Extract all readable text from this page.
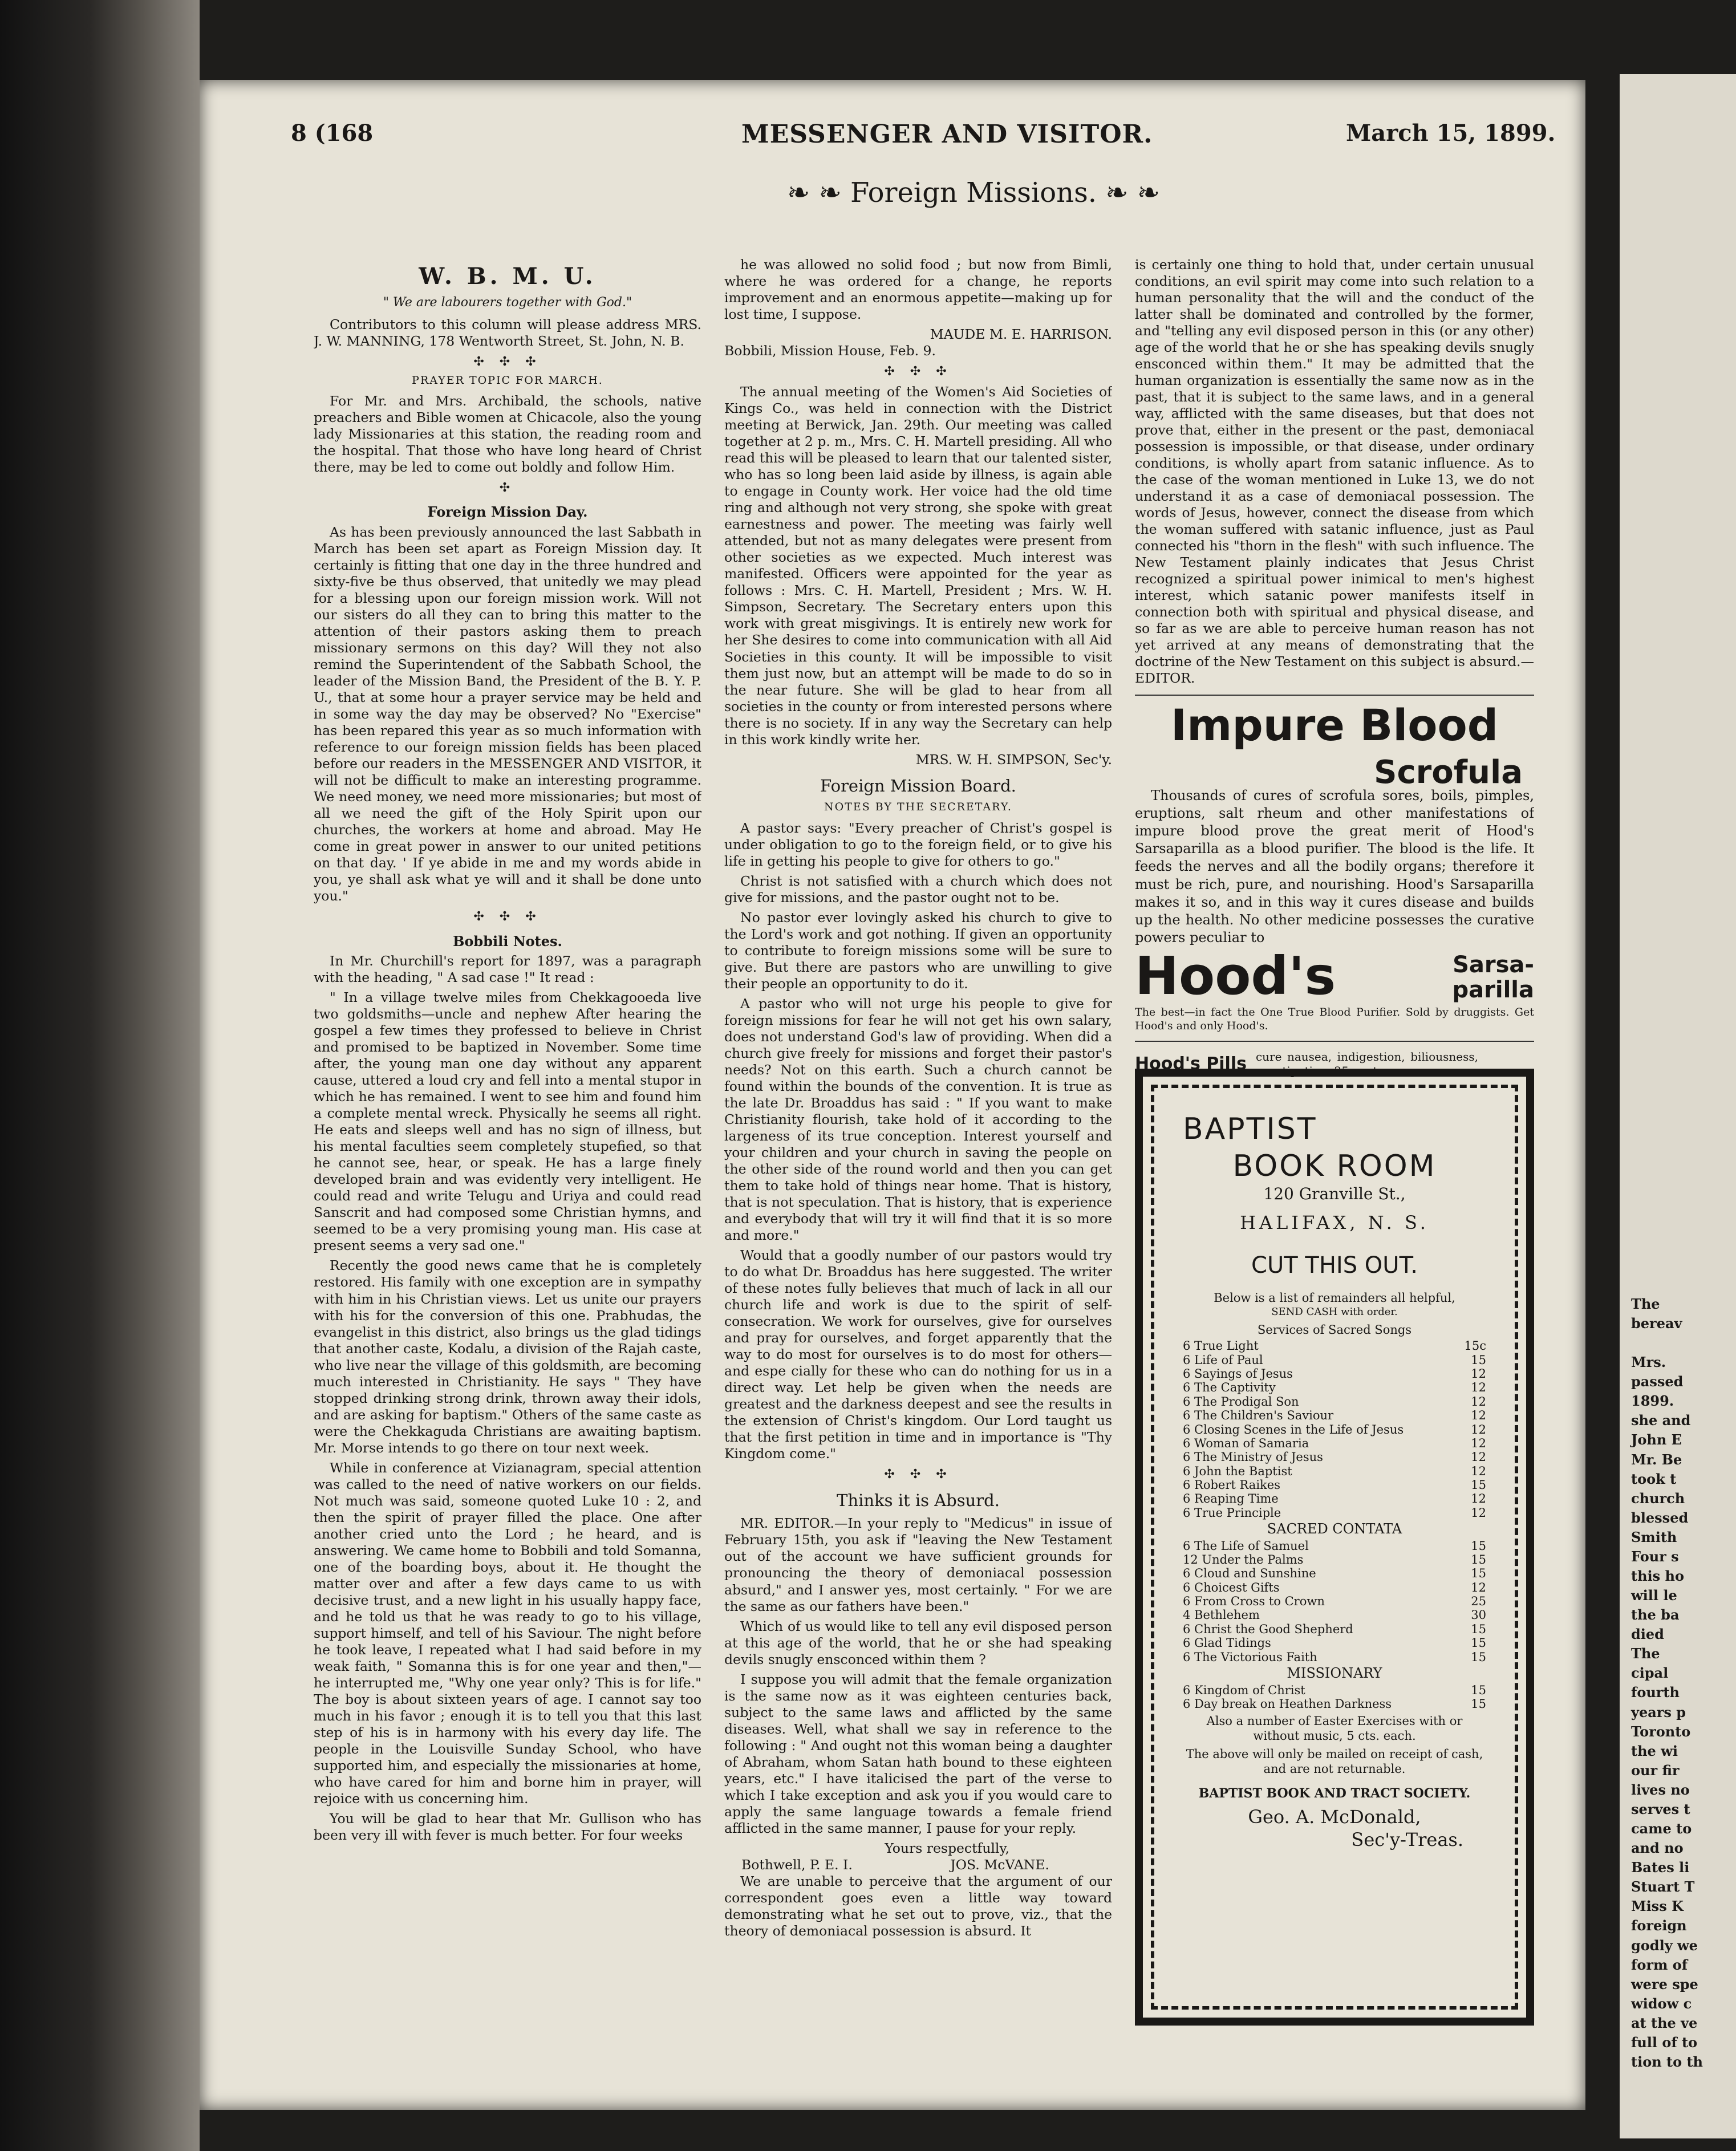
The
bereav
Mrs.
passed
1899.
she and
John E
Mr. Be
took t
church
blessed
Smith
Four s
this ho
will le
the ba
died
The
cipal
fourth
years p
Toronto
the wi
our fir
lives no
serves t
came to
and no
Bates li
Stuart T
Miss K
foreign
godly we
form of
were spe
widow c
at the ve
full of to
tion to th
8 (168	MESSENGER AND VISITOR.	March 15, 1899.
❧ ❧ Foreign Missions. ❧ ❧
W. B. M. U.
" We are labourers together with God."

Contributors to this column will please address MRS. J. W. MANNING, 178 Wentworth Street, St. John, N. B.

✣ ✣ ✣
PRAYER TOPIC FOR MARCH.

For Mr. and Mrs. Archibald, the schools, native preachers and Bible women at Chicacole, also the young lady Missionaries at this station, the reading room and the hospital. That those who have long heard of Christ there, may be led to come out boldly and follow Him.

✣
Foreign Mission Day.

As has been previously announced the last Sabbath in March has been set apart as Foreign Mission day. It certainly is fitting that one day in the three hundred and sixty-five be thus observed, that unitedly we may plead for a blessing upon our foreign mission work. Will not our sisters do all they can to bring this matter to the attention of their pastors asking them to preach missionary sermons on this day? Will they not also remind the Superintendent of the Sabbath School, the leader of the Mission Band, the President of the B. Y. P. U., that at some hour a prayer service may be held and in some way the day may be observed? No "Exercise" has been repared this year as so much information with reference to our foreign mission fields has been placed before our readers in the MESSENGER AND VISITOR, it will not be difficult to make an interesting programme. We need money, we need more missionaries; but most of all we need the gift of the Holy Spirit upon our churches, the workers at home and abroad. May He come in great power in answer to our united petitions on that day. ' If ye abide in me and my words abide in you, ye shall ask what ye will and it shall be done unto you."

✣ ✣ ✣
Bobbili Notes.

In Mr. Churchill's report for 1897, was a paragraph with the heading, " A sad case !" It read :

" In a village twelve miles from Chekkagooeda live two goldsmiths—uncle and nephew After hearing the gospel a few times they professed to believe in Christ and promised to be baptized in November. Some time after, the young man one day without any apparent cause, uttered a loud cry and fell into a mental stupor in which he has remained. I went to see him and found him a complete mental wreck. Physically he seems all right. He eats and sleeps well and has no sign of illness, but his mental faculties seem completely stupefied, so that he cannot see, hear, or speak. He has a large finely developed brain and was evidently very intelligent. He could read and write Telugu and Uriya and could read Sanscrit and had composed some Christian hymns, and seemed to be a very promising young man. His case at present seems a very sad one."

Recently the good news came that he is completely restored. His family with one exception are in sympathy with him in his Christian views. Let us unite our prayers with his for the conversion of this one. Prabhudas, the evangelist in this district, also brings us the glad tidings that another caste, Kodalu, a division of the Rajah caste, who live near the village of this goldsmith, are becoming much interested in Christianity. He says " They have stopped drinking strong drink, thrown away their idols, and are asking for baptism." Others of the same caste as were the Chekkaguda Christians are awaiting baptism. Mr. Morse intends to go there on tour next week.

While in conference at Vizianagram, special attention was called to the need of native workers on our fields. Not much was said, someone quoted Luke 10 : 2, and then the spirit of prayer filled the place. One after another cried unto the Lord ; he heard, and is answering. We came home to Bobbili and told Somanna, one of the boarding boys, about it. He thought the matter over and after a few days came to us with decisive trust, and a new light in his usually happy face, and he told us that he was ready to go to his village, support himself, and tell of his Saviour. The night before he took leave, I repeated what I had said before in my weak faith, " Somanna this is for one year and then,"—he interrupted me, "Why one year only? This is for life." The boy is about sixteen years of age. I cannot say too much in his favor ; enough it is to tell you that this last step of his is in harmony with his every day life. The people in the Louisville Sunday School, who have supported him, and especially the missionaries at home, who have cared for him and borne him in prayer, will rejoice with us concerning him.

You will be glad to hear that Mr. Gullison who has been very ill with fever is much better. For four weeks

he was allowed no solid food ; but now from Bimli, where he was ordered for a change, he reports improvement and an enormous appetite—making up for lost time, I suppose.

MAUDE M. E. HARRISON.
Bobbili, Mission House, Feb. 9.
✣ ✣ ✣

The annual meeting of the Women's Aid Societies of Kings Co., was held in connection with the District meeting at Berwick, Jan. 29th. Our meeting was called together at 2 p. m., Mrs. C. H. Martell presiding. All who read this will be pleased to learn that our talented sister, who has so long been laid aside by illness, is again able to engage in County work. Her voice had the old time ring and although not very strong, she spoke with great earnestness and power. The meeting was fairly well attended, but not as many delegates were present from other societies as we expected. Much interest was manifested. Officers were appointed for the year as follows : Mrs. C. H. Martell, President ; Mrs. W. H. Simpson, Secretary. The Secretary enters upon this work with great misgivings. It is entirely new work for her She desires to come into communication with all Aid Societies in this county. It will be impossible to visit them just now, but an attempt will be made to do so in the near future. She will be glad to hear from all societies in the county or from interested persons where there is no society. If in any way the Secretary can help in this work kindly write her.

MRS. W. H. SIMPSON, Sec'y.
Foreign Mission Board.
NOTES BY THE SECRETARY.

A pastor says: "Every preacher of Christ's gospel is under obligation to go to the foreign field, or to give his life in getting his people to give for others to go."

Christ is not satisfied with a church which does not give for missions, and the pastor ought not to be.

No pastor ever lovingly asked his church to give to the Lord's work and got nothing. If given an opportunity to contribute to foreign missions some will be sure to give. But there are pastors who are unwilling to give their people an opportunity to do it.

A pastor who will not urge his people to give for foreign missions for fear he will not get his own salary, does not understand God's law of providing. When did a church give freely for missions and forget their pastor's needs? Not on this earth. Such a church cannot be found within the bounds of the convention. It is true as the late Dr. Broaddus has said : " If you want to make Christianity flourish, take hold of it according to the largeness of its true conception. Interest yourself and your children and your church in saving the people on the other side of the round world and then you can get them to take hold of things near home. That is history, that is not speculation. That is history, that is experience and everybody that will try it will find that it is so more and more."

Would that a goodly number of our pastors would try to do what Dr. Broaddus has here suggested. The writer of these notes fully believes that much of lack in all our church life and work is due to the spirit of self-consecration. We work for ourselves, give for ourselves and pray for ourselves, and forget apparently that the way to do most for ourselves is to do most for others—and espe cially for these who can do nothing for us in a direct way. Let help be given when the needs are greatest and the darkness deepest and see the results in the extension of Christ's kingdom. Our Lord taught us that the first petition in time and in importance is "Thy Kingdom come."

✣ ✣ ✣
Thinks it is Absurd.

MR. EDITOR.—In your reply to "Medicus" in issue of February 15th, you ask if "leaving the New Testament out of the account we have sufficient grounds for pronouncing the theory of demoniacal possession absurd," and I answer yes, most certainly. " For we are the same as our fathers have been."

Which of us would like to tell any evil disposed person at this age of the world, that he or she had speaking devils snugly ensconced within them ?

I suppose you will admit that the female organization is the same now as it was eighteen centuries back, subject to the same laws and afflicted by the same diseases. Well, what shall we say in reference to the following : " And ought not this woman being a daughter of Abraham, whom Satan hath bound to these eighteen years, etc." I have italicised the part of the verse to which I take exception and ask you if you would care to apply the same language towards a female friend afflicted in the same manner, I pause for your reply.

Yours respectfully,
Bothwell, P. E. I.	JOS. McVANE.

We are unable to perceive that the argument of our correspondent goes even a little way toward demonstrating what he set out to prove, viz., that the theory of demoniacal possession is absurd. It

is certainly one thing to hold that, under certain unusual conditions, an evil spirit may come into such relation to a human personality that the will and the conduct of the latter shall be dominated and controlled by the former, and "telling any evil disposed person in this (or any other) age of the world that he or she has speaking devils snugly ensconced within them." It may be admitted that the human organization is essentially the same now as in the past, that it is subject to the same laws, and in a general way, afflicted with the same diseases, but that does not prove that, either in the present or the past, demoniacal possession is impossible, or that disease, under ordinary conditions, is wholly apart from satanic influence. As to the case of the woman mentioned in Luke 13, we do not understand it as a case of demoniacal possession. The words of Jesus, however, connect the disease from which the woman suffered with satanic influence, just as Paul connected his "thorn in the flesh" with such influence. The New Testament plainly indicates that Jesus Christ recognized a spiritual power inimical to men's highest interest, which satanic power manifests itself in connection both with spiritual and physical disease, and so far as we are able to perceive human reason has not yet arrived at any means of demonstrating that the doctrine of the New Testament on this subject is absurd.—EDITOR.

Impure Blood
Scrofula

Thousands of cures of scrofula sores, boils, pimples, eruptions, salt rheum and other manifestations of impure blood prove the great merit of Hood's Sarsaparilla as a blood purifier. The blood is the life. It feeds the nerves and all the bodily organs; therefore it must be rich, pure, and nourishing. Hood's Sarsaparilla makes it so, and in this way it cures disease and builds up the health. No other medicine possesses the curative powers peculiar to

Hood's	Sarsa-
parilla
The best—in fact the One True Blood Purifier. Sold by druggists. Get Hood's and only Hood's.
Hood's Pills cure nausea, indigestion, biliousness, constipation. 25 cents.
BAPTIST
BOOK ROOM
120 Granville St.,
HALIFAX, N. S.
CUT THIS OUT.
Below is a list of remainders all helpful,
SEND CASH with order.
Services of Sacred Songs
6 True Light	15c
6 Life of Paul	15
6 Sayings of Jesus	12
6 The Captivity	12
6 The Prodigal Son	12
6 The Children's Saviour	12
6 Closing Scenes in the Life of Jesus	12
6 Woman of Samaria	12
6 The Ministry of Jesus	12
6 John the Baptist	12
6 Robert Raikes	15
6 Reaping Time	12
6 True Principle	12
SACRED CONTATA
6 The Life of Samuel	15
12 Under the Palms	15
6 Cloud and Sunshine	15
6 Choicest Gifts	12
6 From Cross to Crown	25
4 Bethlehem	30
6 Christ the Good Shepherd	15
6 Glad Tidings	15
6 The Victorious Faith	15
MISSIONARY
6 Kingdom of Christ	15
6 Day break on Heathen Darkness	15
Also a number of Easter Exercises with or without music, 5 cts. each.
The above will only be mailed on receipt of cash, and are not returnable.
BAPTIST BOOK AND TRACT SOCIETY.
Geo. A. McDonald,
Sec'y-Treas.
